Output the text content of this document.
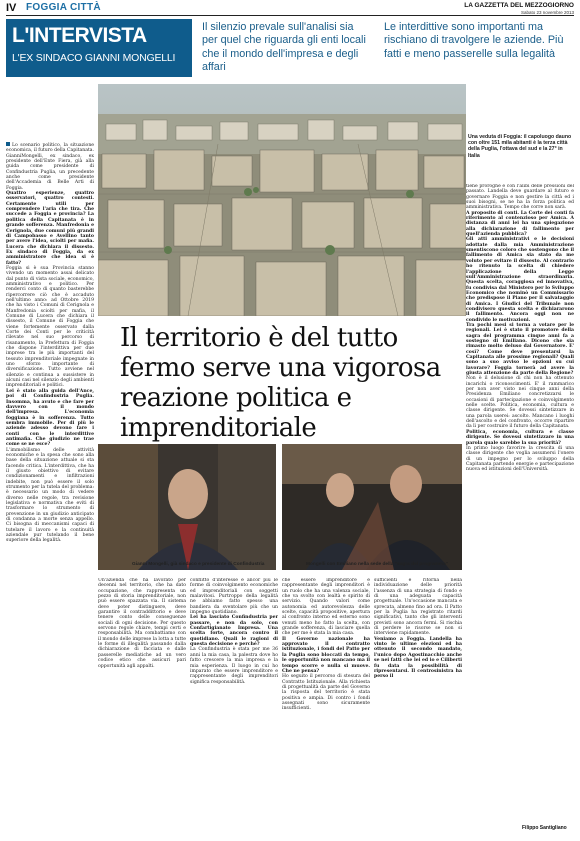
IV FOGGIA CITTÀ	LA GAZZETTA DEL MEZZOGIORNO
Sabato 23 novembre 2013
L'INTERVISTA
L'EX SINDACO GIANNI MONGELLI
Il silenzio prevale sull'analisi sia per quel che riguarda gli enti locali che il mondo dell'impresa e degli affari
Le interdittive sono importanti ma rischiano di travolgere le aziende. Più fatti e meno passerelle sulla legalità
Una veduta di Foggia: il capoluogo dauno con oltre 151 mila abitanti è la terza città della Puglia, l'ottava del sud e la 27° in Italia
Il territorio è del tutto fermo serve una vigorosa reazione politica e imprenditoriale
Gianni Mongelli, già sindaco e presidente di Confindustria	Mongelli con Emiliano nella sede della "sagra del programma"

Lo scenario politico, la situazione economica, il futuro della Capitanata. GianniMongelli, ex sindaco, ex presidente dell'Ente Fiera, già alla guida come presidente di Confindustria Puglia, un precedente anche come presidente dell'Accademia di Belle Arti di Foggia.

Quattro esperienze, quattro osservatori, quattro contesti. Certamente utili per comprendere l'aria che tira. Che succede a Foggia e provincia? La politica della Capitanata è in grande sofferenza. Manfredonia e Cerignola, due comuni più grandi di Campobasso e Avellino tanto per avere l'idea, sciolti per mafia. Lucera che dichiara il dissesto. Ex sindaco di Foggia, da ex amministratore che idea si è fatto?

Foggia si è sua Provincia stanno vivendo un momento assai delicato dal punto di vista sociale, economico, amministrativo e politico. Per renderci conto di quanto basterebbe ripercorrere ciò che è accaduto nell'ultimo anno: ad Ottobre 2019 che ha visto i Comuni di Cerignola e Manfredonia sciolti per mafia, il Comune di Lucera che dichiara il dissesto, il Comune di Foggia che viene fortemente osservato dalla Corte dei Conti per le criticità rilevate nel suo percorso di risanamento, la Prefettura di Foggia che dispone l'interdittiva per due imprese tra le più importanti del tessuto imprenditoriale impegnate in uno sforzo importante di diversificazione. Tutto avviene nel silenzio e continua a sussistere in alcuni casi nel silenzio degli ambienti imprenditoriali e politici.

Lei è stato alla guida dell'Ance, poi di Confindustria Puglia. Insomma, ha avuto e che fare per davvero con il mondo dell'impresa. L'economia foggiana è in sofferenza. Tutto sembra immobile. Per di più le aziende adesso devono fare i conti con le interdittive antimafia. Che giudizio ne trae come se ne esce?

L'immobilismo delle attività economiche e la spesa che sono alla base della situazione attuale si sta facendo critica. L'interdittiva, che ha il giusto obiettivo di evitare condizionamenti e infiltrazioni indebite, non può essere il solo strumento per la tutela del problema: è necessario un modo di vedere diverso nelle regole, tra revisione legislativa e normativa che eviti di trasformare lo strumento di prevenzione in un giudizio anticipato di condanna a morte senza appello. Ci bisogna di meccanismi capaci di tutelare il lavoro e la continuità aziendale pur tutelando il bene superiore della legalità.

Un'azienda che ha lavorato per decenni nel territorio, che ha dato occupazione, che rappresenta un pezzo di storia imprenditoriale, non può essere spazzata via. Il sistema deve poter distinguere, deve garantire il contraddittorio e deve tenere conto delle conseguenze sociali di ogni decisione. Per questo servono regole chiare, tempi certi e responsabilità. Ma combattiamo con il mondo delle imprese la lotta a tutte le forme di illegalità passando dalla dichiarazione di facciata e dalle passerelle mediatiche ad un vero codice etico che assicuri pari opportunità agli appalti.

conflitto d'interesse e ancor più le forme di coinvolgimento economiche ed imprenditoriali con soggetti malavitosi. Purtroppo della legalità ne abbiamo fatto spesso una bandiera da sventolare più che un impegno quotidiano.

Lei ha lasciato Confindustria per passare, e non da solo, con Confartigianato Impresa. Una scelta forte, ancora contro il quotidiano. Quali le ragioni di questa decisione e perché?

La Confindustria è stata per me 36 anni la mia casa, la palestra dove ho fatto crescere la mia impresa e la mia esperienza. Il luogo in cui ho imparato che essere imprenditore e rappresentante degli imprenditori significa responsabilità.

che essere imprenditore e rappresentante degli imprenditori è un ruolo che ha una valenza sociale, che va svolto con lealtà e spirito di servizio. Quando valori come autonomia ed autorevolezza delle scelte, capacità propositive, apertura al confronto interno ed esterno sono venuti meno ho fatto la scelta, con grande sofferenza, di lasciare quella che per me è stata la mia casa.

Il Governo nazionale ha approvato il contratto istituzionale, i fondi del Patto per la Puglia sono bloccati da tempo, le opportunità non mancano ma il tempo scorre e nulla si muove. Che ne pensa?

Ho seguito il percorso di stesura del Contratto Istituzionale. Alla richiesta di progettualità da parte del Governo la risposta del territorio è stata positiva e ampia. Di contro i fondi assegnati sono sicuramente insufficienti.

sufficienti e ritorna nella individuazione delle priorità l'assenza di una strategia di fondo e di una adeguata capacità progettuale. Un'occasione mancata e sprecata, almeno fino ad ora. Il Patto per la Puglia ha registrato ritardi significativi, tanto che gli interventi previsti sono ancora fermi. Si rischia di perdere le risorse se non si interviene rapidamente.

Veniamo a Foggia. Landella ha vinto le ultime elezioni ed ha ottenuto il secondo mandato, l'unico dopo Agostinacchio anche se nei fatti che lei ed io e Ciliberti fu data la possibilità di ripresentarsi. Il centrosinistra ha perso il

tiene proroghe e con l'alibi delle pressioni del passato. Landella deve guardare al futuro e governare Foggia e non gestire la città ed i suoi bisogni, se ne ha la forza politica ed amministrativa. Tempo che corre non sarà.

A proposito di conti. La Corte dei conti fa riferimento al contenzioso per Amica. A distanza di anni lei ha una spiegazione alla dichiarazione di fallimento per quell'azienda pubblica?

Gli atti amministrativi e le decisioni adottate dalla mia Amministrazione smentiscono coloro che sostengono che il fallimento di Amica sia stato da me voluto per evitare il dissesto. Al contrario ho ritenuto la scelta di chiedere l'applicazione della Legge sull'Amministrazione straordinaria. Questa scelta, coraggiosa ed innovativa, fu condivisa dal Ministero per lo Sviluppo Economico che nominò un Commissario che predispose il Piano per il salvataggio di Amica. I Giudici del Tribunale non condivisero questa scelta e dichiararono il fallimento. Ancora oggi non ne condivido le motivazioni.

Tra pochi mesi si torna a votare per le regionali. Lei è stato il promotore della sagra del programma cinque anni fa a sostegno di Emiliano. Dicono che sia rimasto molto deluso dal Governatore. E' così? Come deve presentarsi la Capitanata alle prossime regionali? Quali sono a suo avviso le opzioni su cui lavorare? Foggia tornerà ad avere la giusta attenzione da parte della Regione?

Non è il delusione di chi non ha ottenuto incarichi o riconoscimenti. E' il rammarico per non aver visto nei cinque anni della Presidenza Emiliano concretizzarsi le occasioni di partecipazione e coinvolgimento nelle scelte. Politica, economia, cultura e classe dirigente. Se dovessi sintetizzare in una parola userei: ascolto. Mancano i luoghi dell'ascolto e del confronto, occorre ripartire da lì per costruire il futuro della Capitanata.

Politica, economia, cultura e classe dirigente. Se dovessi sintetizzare in una parola quale sarebbe la sua priorità?

In primo luogo favorire la crescita di una classe dirigente che voglia assumersi l'onere di un impegno per lo sviluppo della Capitanata partendo energie e partecipazione nuova ed istituzioni dell'Università.

Filippo Santigliano
